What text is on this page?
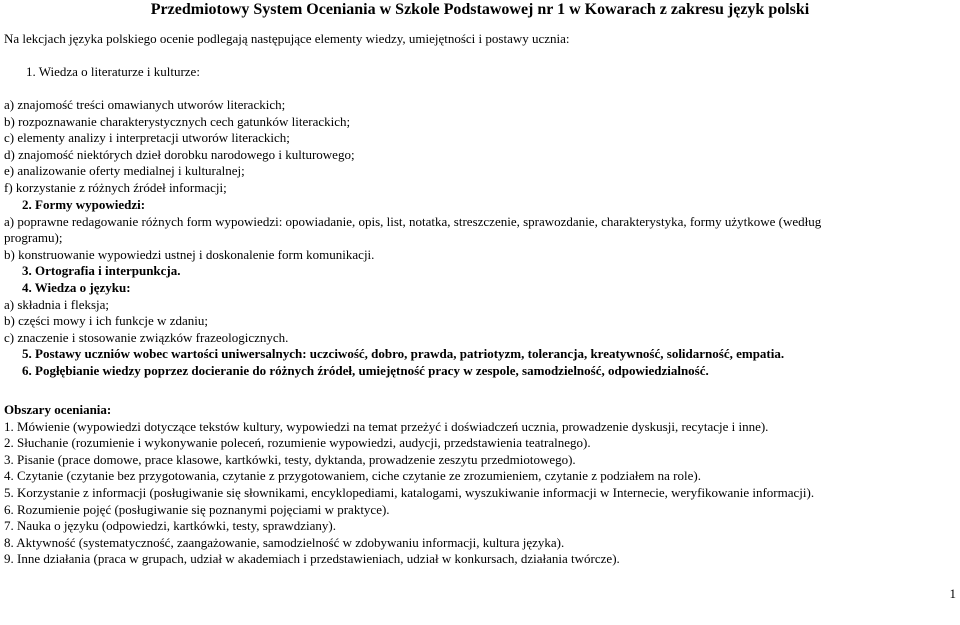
Przedmiotowy System Oceniania w Szkole Podstawowej nr 1 w Kowarach z zakresu język polski
Na lekcjach języka polskiego ocenie podlegają następujące elementy wiedzy, umiejętności i postawy ucznia:
1. Wiedza o literaturze i kulturze:
a) znajomość treści omawianych utworów literackich;
b) rozpoznawanie charakterystycznych cech gatunków literackich;
c) elementy analizy i interpretacji utworów literackich;
d) znajomość niektórych dzieł dorobku narodowego i kulturowego;
e) analizowanie oferty medialnej i kulturalnej;
f) korzystanie z różnych źródeł informacji;
2. Formy wypowiedzi:
a) poprawne redagowanie różnych form wypowiedzi: opowiadanie, opis, list, notatka, streszczenie, sprawozdanie, charakterystyka, formy użytkowe (według
programu);
b) konstruowanie wypowiedzi ustnej i doskonalenie form komunikacji.
3. Ortografia i interpunkcja.
4. Wiedza o języku:
a) składnia i fleksja;
b) części mowy i ich funkcje w zdaniu;
c) znaczenie i stosowanie związków frazeologicznych.
5. Postawy uczniów wobec wartości uniwersalnych: uczciwość, dobro, prawda, patriotyzm, tolerancja, kreatywność, solidarność, empatia.
6. Pogłębianie wiedzy poprzez docieranie do różnych źródeł, umiejętność pracy w zespole, samodzielność, odpowiedzialność.
Obszary oceniania:
1. Mówienie (wypowiedzi dotyczące tekstów kultury, wypowiedzi na temat przeżyć i doświadczeń ucznia, prowadzenie dyskusji, recytacje i inne).
2. Słuchanie (rozumienie i wykonywanie poleceń, rozumienie wypowiedzi, audycji, przedstawienia teatralnego).
3. Pisanie (prace domowe, prace klasowe, kartkówki, testy, dyktanda, prowadzenie zeszytu przedmiotowego).
4. Czytanie (czytanie bez przygotowania, czytanie z przygotowaniem, ciche czytanie ze zrozumieniem, czytanie z podziałem na role).
5. Korzystanie z informacji (posługiwanie się słownikami, encyklopediami, katalogami, wyszukiwanie informacji w Internecie, weryfikowanie informacji).
6. Rozumienie pojęć (posługiwanie się poznanymi pojęciami w praktyce).
7. Nauka o języku (odpowiedzi, kartkówki, testy, sprawdziany).
8. Aktywność (systematyczność, zaangażowanie, samodzielność w zdobywaniu informacji, kultura języka).
9. Inne działania (praca w grupach, udział w akademiach i przedstawieniach, udział w konkursach, działania twórcze).
1
